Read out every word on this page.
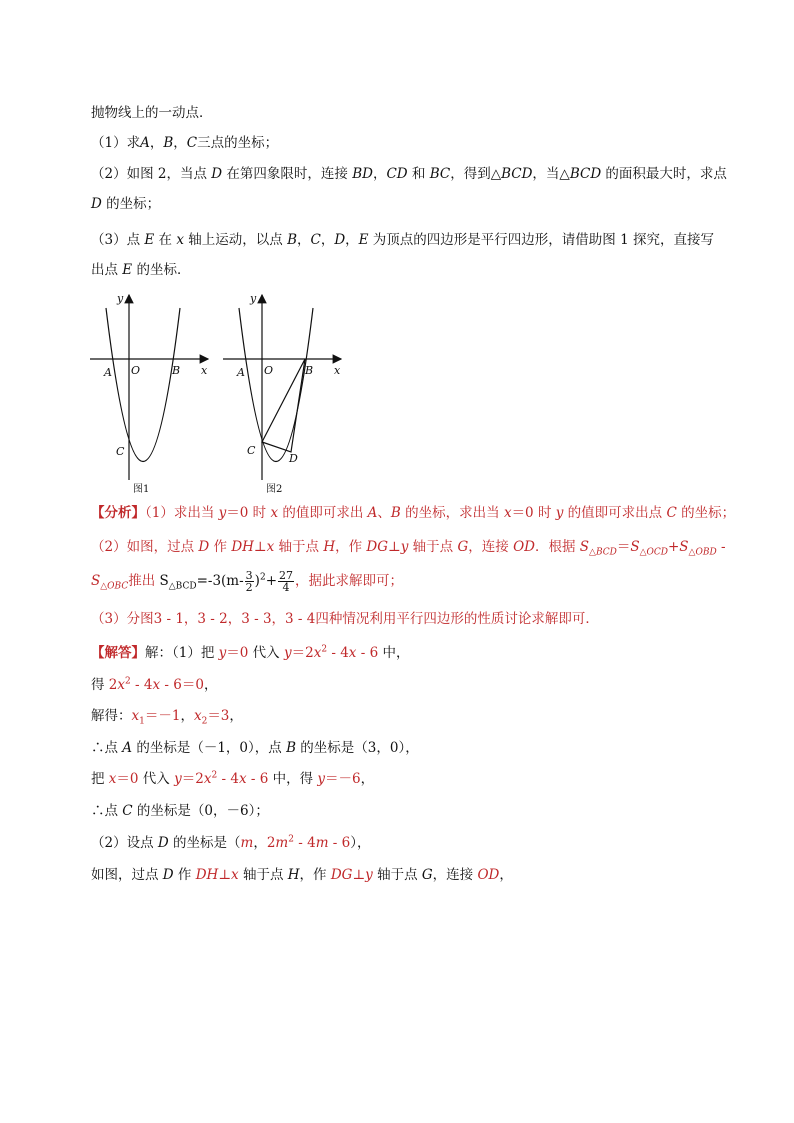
抛物线上的一动点．
（1）求A，B，C三点的坐标；
（2）如图 2，当点 D 在第四象限时，连接 BD，CD 和 BC，得到△BCD，当△BCD 的面积最大时，求点
D 的坐标；
（3）点 E 在 x 轴上运动，以点 B，C，D，E 为顶点的四边形是平行四边形，请借助图 1 探究，直接写
出点 E 的坐标．
y
x
A O	B
C
图1
y
x
A O	B
C
D
图2
【分析】（1）求出当 y＝0 时 x 的值即可求出 A、B 的坐标，求出当 x＝0 时 y 的值即可求出点 C 的坐标；
（2）如图，过点 D 作 DH⊥x 轴于点 H，作 DG⊥y 轴于点 G，连接 OD．根据 $S_{\triangle BCD}=S_{\triangle OCD}+S_{\triangle OBD}$ -
$S_{\triangle OBC}$推出 $S_{\triangle BCD}=-3(m- \frac{3}{2} )^2+ \frac{27}{4}$ ，据此求解即可；
（3）分图3 - 1，3 - 2，3 - 3，3 - 4四种情况利用平行四边形的性质讨论求解即可．
【解答】解：（1）把 y＝0 代入 $y=2x^2 - 4x - 6$ 中，
得 $2x^2 - 4x - 6=0$，
解得：$x_1=-1$，$x_2=3$，
∴点 A 的坐标是（－1，0），点 B 的坐标是（3，0），
把 x＝0 代入 $y=2x^2 - 4x - 6$ 中，得 y＝－6，
∴点 C 的坐标是（0，－6）；
（2）设点 D 的坐标是（m，$2m^2 - 4m - 6$），
如图，过点 D 作 DH⊥x 轴于点 H，作 DG⊥y 轴于点 G，连接 OD，
